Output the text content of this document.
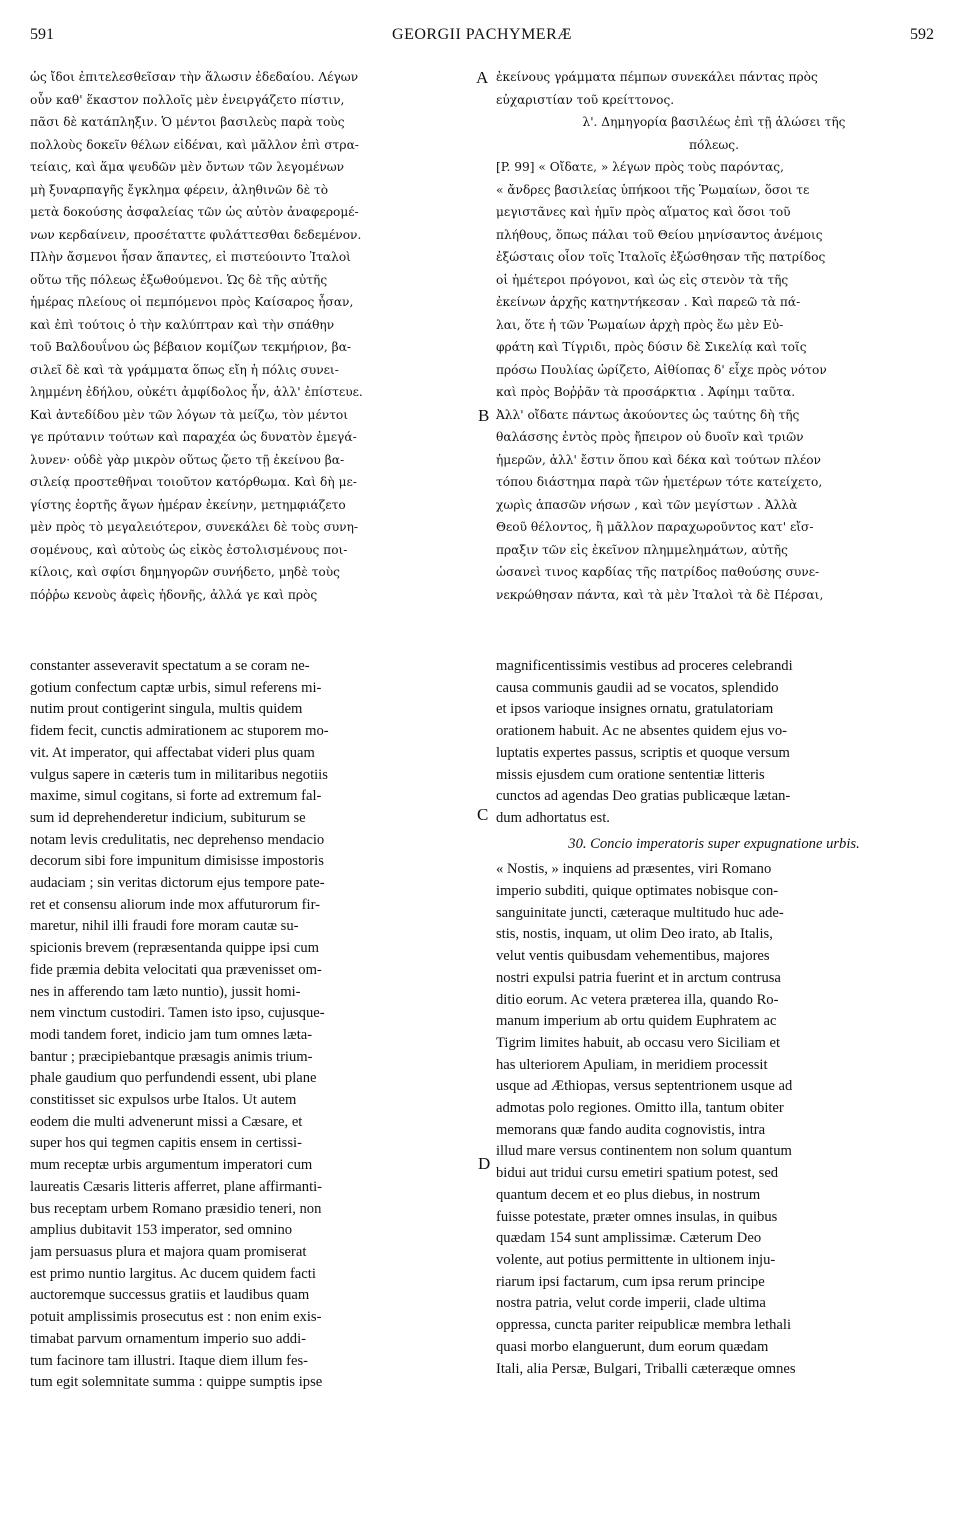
591	GEORGII PACHYMERÆ	592
A
B
C
D
ὡς ἴδοι ἐπιτελεσθεῖσαν τὴν ἅλωσιν ἐδεδαίου. Λέγων
οὖν καθ' ἕκαστον πολλοῖς μὲν ἐνειργάζετο πίστιν,
πᾶσι δὲ κατάπληξιν. Ὁ μέντοι βασιλεὺς παρὰ τοὺς
πολλοὺς δοκεῖν θέλων εἰδέναι, καὶ μᾶλλον ἐπὶ στρα-
τείαις, καὶ ἅμα ψευδῶν μὲν ὄντων τῶν λεγομένων
μὴ ξυναρπαγῆς ἔγκλημα φέρειν, ἀληθινῶν δὲ τὸ
μετὰ δοκούσης ἀσφαλείας τῶν ὡς αὐτὸν ἀναφερομέ-
νων κερδαίνειν, προσέταττε φυλάττεσθαι δεδεμένον.
Πλὴν ἄσμενοι ἦσαν ἅπαντες, εἰ πιστεύοιντο Ἰταλοὶ
οὕτω τῆς πόλεως ἐξωθούμενοι. Ὡς δὲ τῆς αὐτῆς
ἡμέρας πλείους οἱ πεμπόμενοι πρὸς Καίσαρος ἦσαν,
καὶ ἐπὶ τούτοις ὁ τὴν καλύπτραν καὶ τὴν σπάθην
τοῦ Βαλδουΐνου ὡς βέβαιον κομίζων τεκμήριον, βα-
σιλεῖ δὲ καὶ τὰ γράμματα ὅπως εἴη ἡ πόλις συνει-
λημμένη ἐδήλου, οὐκέτι ἀμφίδολος ἦν, ἀλλ' ἐπίστευε.
Καὶ ἀντεδίδου μὲν τῶν λόγων τὰ μείζω, τὸν μέντοι
γε πρύτανιν τούτων καὶ παραχέα ὡς δυνατὸν ἐμεγά-
λυνεν· οὐδὲ γὰρ μικρὸν οὕτως ᾤετο τῇ ἐκείνου βα-
σιλείᾳ προστεθῆναι τοιοῦτον κατόρθωμα. Καὶ δὴ με-
γίστης ἑορτῆς ἄγων ἡμέραν ἐκείνην, μετημφιάζετο
μὲν πρὸς τὸ μεγαλειότερον, συνεκάλει δὲ τοὺς συνη-
σομένους, καὶ αὐτοὺς ὡς εἰκὸς ἐστολισμένους ποι-
κίλοις, καὶ σφίσι δημηγορῶν συνήδετο, μηδὲ τοὺς
πόῤῥω κενοὺς ἀφεὶς ἡδονῆς, ἀλλά γε καὶ πρὸς
ἐκείνους γράμματα πέμπων συνεκάλει πάντας πρὸς
εὐχαριστίαν τοῦ κρείττονος.
λ'. Δημηγορία βασιλέως ἐπὶ τῇ ἁλώσει τῆς
πόλεως.
[P. 99] « Οἴδατε, » λέγων πρὸς τοὺς παρόντας,
« ἄνδρες βασιλείας ὑπήκοοι τῆς Ῥωμαίων, ὅσοι τε
μεγιστᾶνες καὶ ἡμῖν πρὸς αἵματος καὶ ὅσοι τοῦ
πλήθους, ὅπως πάλαι τοῦ Θείου μηνίσαντος ἀνέμοις
ἐξώσταις οἷον τοῖς Ἰταλοῖς ἐξώσθησαν τῆς πατρίδος
οἱ ἡμέτεροι πρόγονοι, καὶ ὡς εἰς στενὸν τὰ τῆς
ἐκείνων ἀρχῆς κατηντήκεσαν . Καὶ παρεῶ τὰ πά-
λαι, ὅτε ἡ τῶν Ῥωμαίων ἀρχὴ πρὸς ἕω μὲν Εὐ-
φράτη καὶ Τίγριδι, πρὸς δύσιν δὲ Σικελίᾳ καὶ τοῖς
πρόσω Πουλίας ὡρίζετο, Αἰθίοπας δ' εἶχε πρὸς νότον
καὶ πρὸς Βοῤῥᾶν τὰ προσάρκτια . Ἀφίημι ταῦτα.
Ἀλλ' οἴδατε πάντως ἀκούοντες ὡς ταύτης δὴ τῆς
θαλάσσης ἐντὸς πρὸς ἤπειρον οὐ δυοῖν καὶ τριῶν
ἡμερῶν, ἀλλ' ἔστιν ὅπου καὶ δέκα καὶ τούτων πλέον
τόπου διάστημα παρὰ τῶν ἡμετέρων τότε κατείχετο,
χωρὶς ἁπασῶν νήσων , καὶ τῶν μεγίστων . Ἀλλὰ
Θεοῦ θέλοντος, ἢ μᾶλλον παραχωροῦντος κατ' εἴσ-
πραξιν τῶν εἰς ἐκεῖνον πλημμελημάτων, αὐτῆς
ὡσανεὶ τινος καρδίας τῆς πατρίδος παθούσης συνε-
νεκρώθησαν πάντα, καὶ τὰ μὲν Ἰταλοὶ τὰ δὲ Πέρσαι,
constanter asseveravit spectatum a se coram ne-
gotium confectum captæ urbis, simul referens mi-
nutim prout contigerint singula, multis quidem
fidem fecit, cunctis admirationem ac stuporem mo-
vit. At imperator, qui affectabat videri plus quam
vulgus sapere in cæteris tum in militaribus negotiis
maxime, simul cogitans, si forte ad extremum fal-
sum id deprehenderetur indicium, subiturum se
notam levis credulitatis, nec deprehenso mendacio
decorum sibi fore impunitum dimisisse impostoris
audaciam ; sin veritas dictorum ejus tempore pate-
ret et consensu aliorum inde mox affuturorum fir-
maretur, nihil illi fraudi fore moram cautæ su-
spicionis brevem (repræsentanda quippe ipsi cum
fide præmia debita velocitati qua prævenisset om-
nes in afferendo tam læto nuntio), jussit homi-
nem vinctum custodiri. Tamen isto ipso, cujusque-
modi tandem foret, indicio jam tum omnes læta-
bantur ; præcipiebantque præsagis animis trium-
phale gaudium quo perfundendi essent, ubi plane
constitisset sic expulsos urbe Italos. Ut autem
eodem die multi advenerunt missi a Cæsare, et
super hos qui tegmen capitis ensem in certissi-
mum receptæ urbis argumentum imperatori cum
laureatis Cæsaris litteris afferret, plane affirmanti-
bus receptam urbem Romano præsidio teneri, non
amplius dubitavit 153 imperator, sed omnino
jam persuasus plura et majora quam promiserat
est primo nuntio largitus. Ac ducem quidem facti
auctoremque successus gratiis et laudibus quam
potuit amplissimis prosecutus est : non enim exis-
timabat parvum ornamentum imperio suo addi-
tum facinore tam illustri. Itaque diem illum fes-
tum egit solemnitate summa : quippe sumptis ipse
magnificentissimis vestibus ad proceres celebrandi
causa communis gaudii ad se vocatos, splendido
et ipsos varioque insignes ornatu, gratulatoriam
orationem habuit. Ac ne absentes quidem ejus vo-
luptatis expertes passus, scriptis et quoque versum
missis ejusdem cum oratione sententiæ litteris
cunctos ad agendas Deo gratias publicæque lætan-
dum adhortatus est.
30. Concio imperatoris super expugnatione urbis.
« Nostis, » inquiens ad præsentes, viri Romano
imperio subditi, quique optimates nobisque con-
sanguinitate juncti, cæteraque multitudo huc ade-
stis, nostis, inquam, ut olim Deo irato, ab Italis,
velut ventis quibusdam vehementibus, majores
nostri expulsi patria fuerint et in arctum contrusa
ditio eorum. Ac vetera præterea illa, quando Ro-
manum imperium ab ortu quidem Euphratem ac
Tigrim limites habuit, ab occasu vero Siciliam et
has ulteriorem Apuliam, in meridiem processit
usque ad Æthiopas, versus septentrionem usque ad
admotas polo regiones. Omitto illa, tantum obiter
memorans quæ fando audita cognovistis, intra
illud mare versus continentem non solum quantum
bidui aut tridui cursu emetiri spatium potest, sed
quantum decem et eo plus diebus, in nostrum
fuisse potestate, præter omnes insulas, in quibus
quædam 154 sunt amplissimæ. Cæterum Deo
volente, aut potius permittente in ultionem inju-
riarum ipsi factarum, cum ipsa rerum principe
nostra patria, velut corde imperii, clade ultima
oppressa, cuncta pariter reipublicæ membra lethali
quasi morbo elanguerunt, dum eorum quædam
Itali, alia Persæ, Bulgari, Triballi cæteræque omnes
